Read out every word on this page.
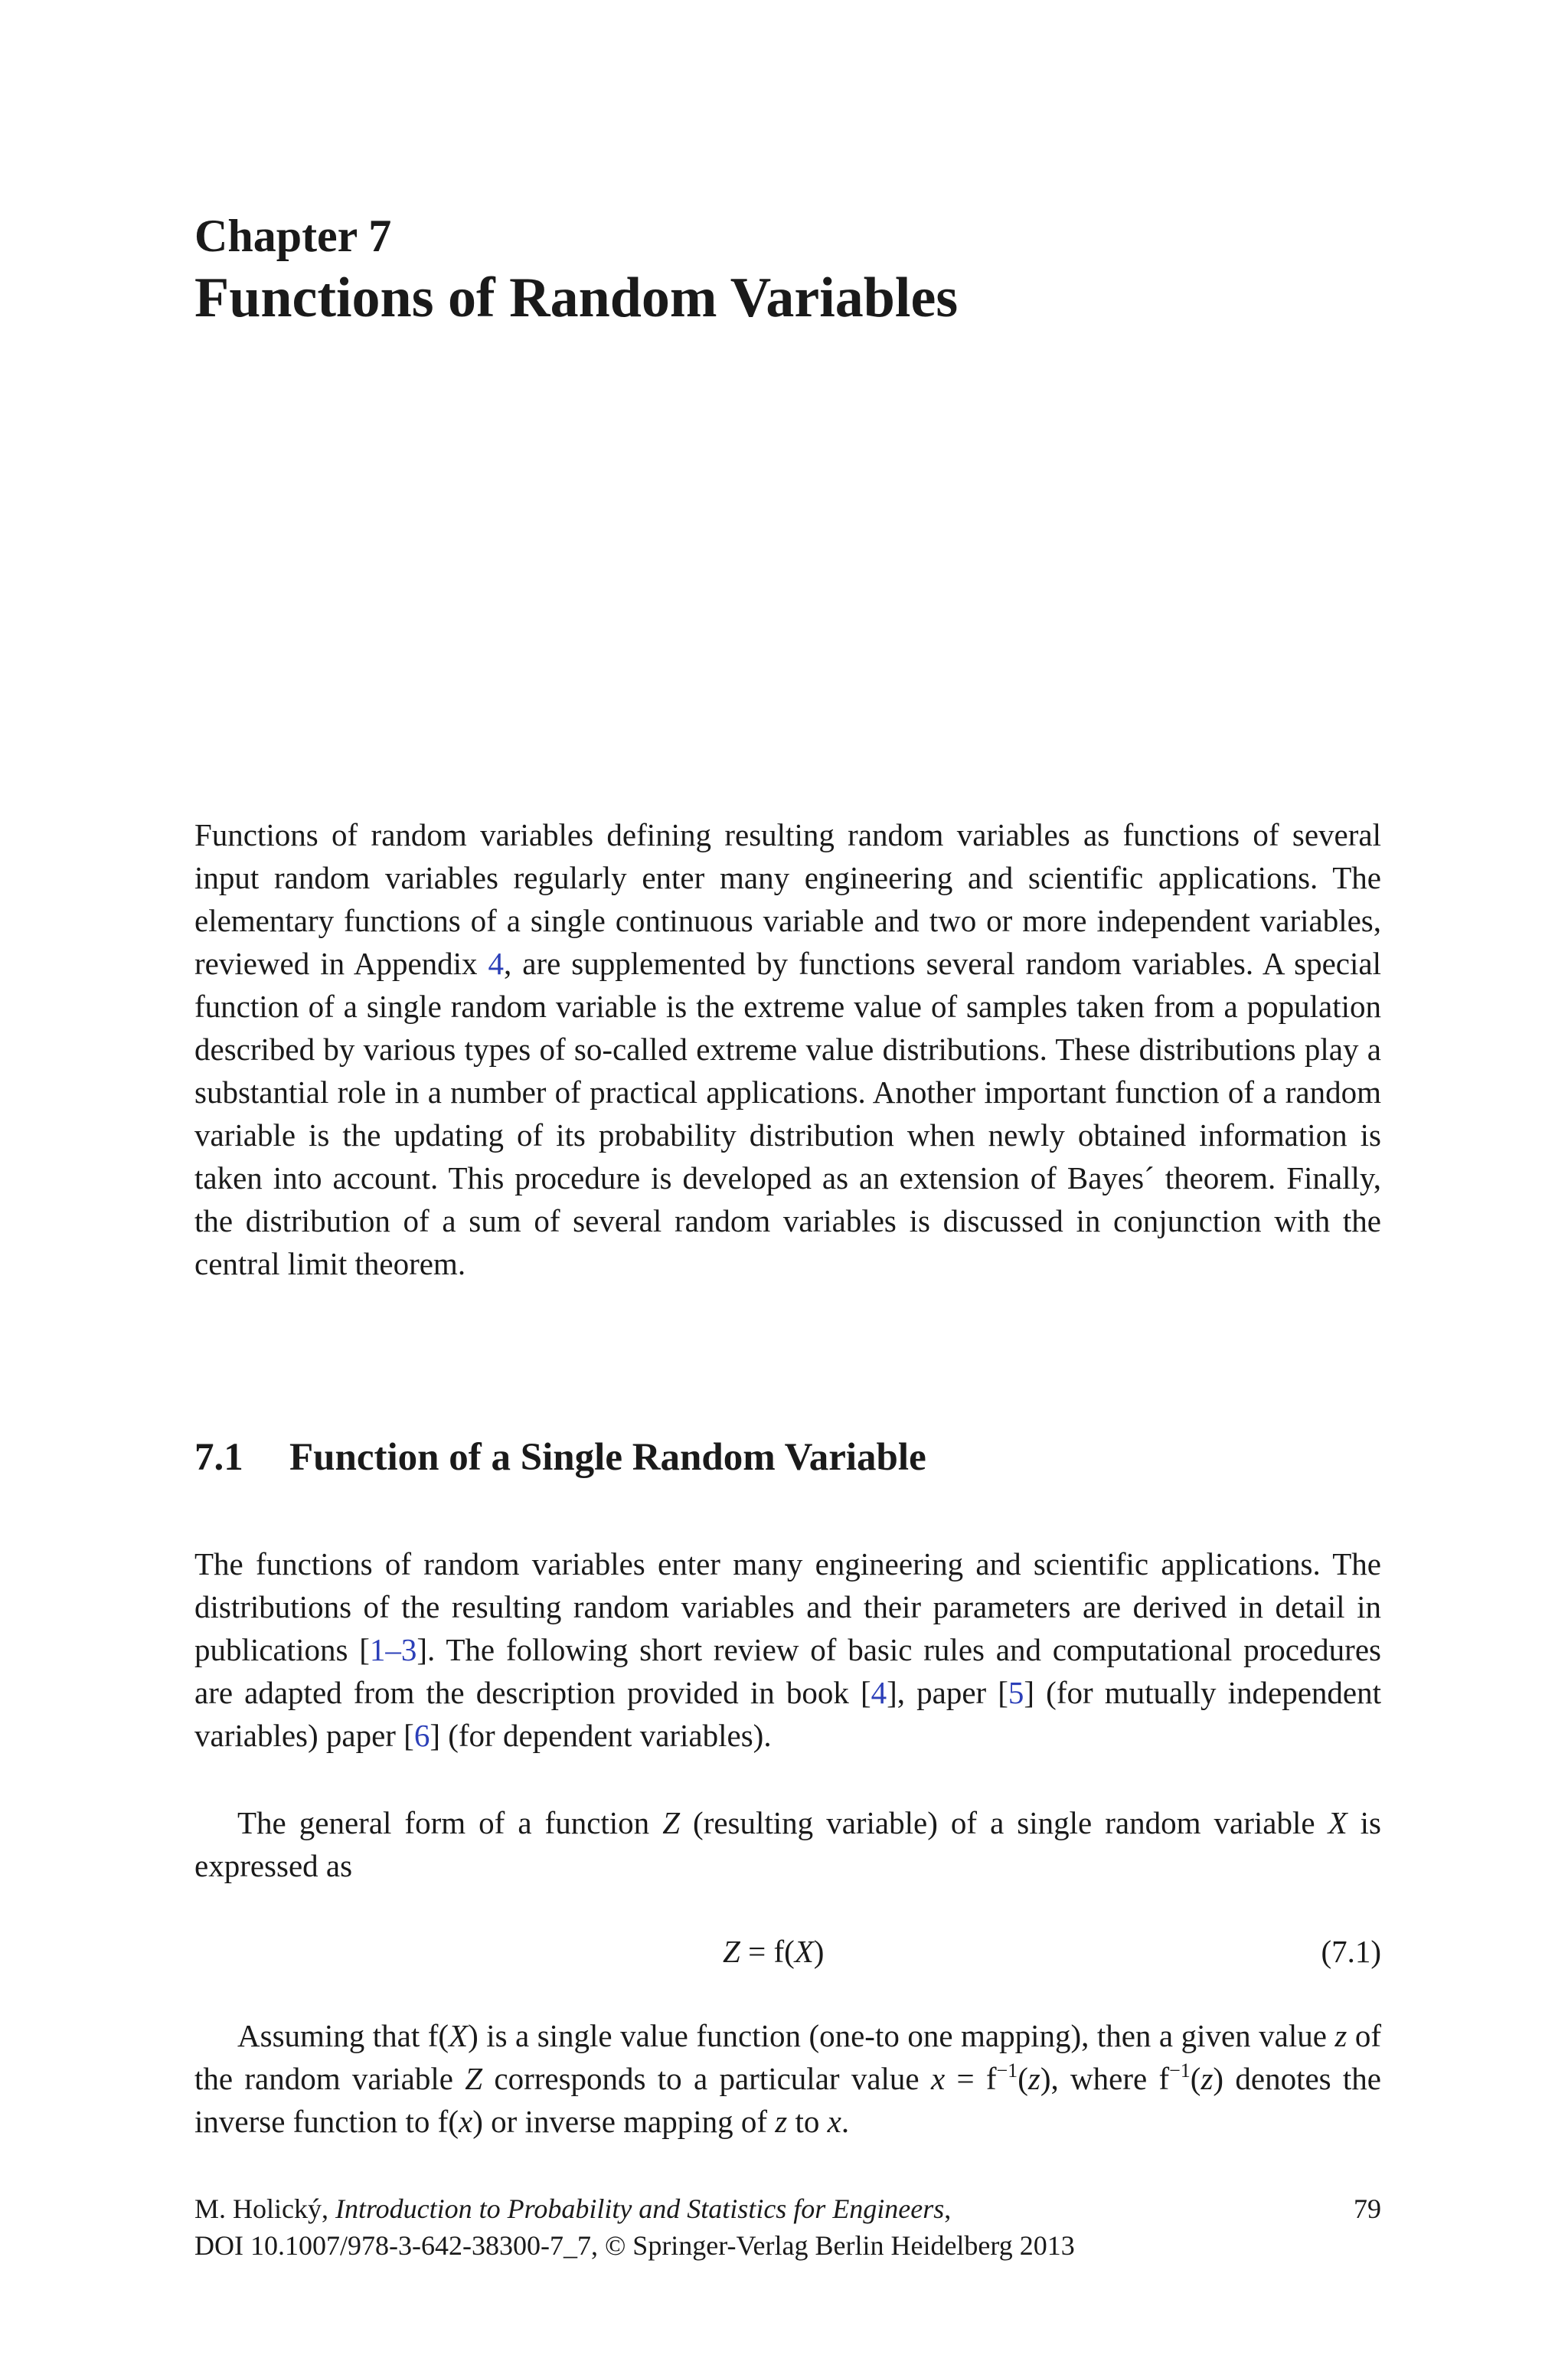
Chapter 7
Functions of Random Variables
Functions of random variables defining resulting random variables as functions of several input random variables regularly enter many engineering and scientific applications. The elementary functions of a single continuous variable and two or more independent variables, reviewed in Appendix 4, are supplemented by functions several random variables. A special function of a single random variable is the extreme value of samples taken from a population described by various types of so-called extreme value distributions. These distributions play a substantial role in a number of practical applications. Another important function of a random variable is the updating of its probability distribution when newly obtained information is taken into account. This procedure is developed as an extension of Bayes´ theorem. Finally, the distribution of a sum of several random variables is discussed in conjunction with the central limit theorem.
7.1 Function of a Single Random Variable
The functions of random variables enter many engineering and scientific applications. The distributions of the resulting random variables and their parameters are derived in detail in publications [1–3]. The following short review of basic rules and computational procedures are adapted from the description provided in book [4], paper [5] (for mutually independent variables) paper [6] (for dependent variables).
The general form of a function Z (resulting variable) of a single random variable X is expressed as
Z = f(X)	(7.1)
Assuming that f(X) is a single value function (one-to one mapping), then a given value z of the random variable Z corresponds to a particular value $x = f^{-1}(z)$, where $f^{-1}(z)$ denotes the inverse function to f(x) or inverse mapping of z to x.
M. Holický, Introduction to Probability and Statistics for Engineers,
DOI 10.1007/978-3-642-38300-7_7, © Springer-Verlag Berlin Heidelberg 2013
79
